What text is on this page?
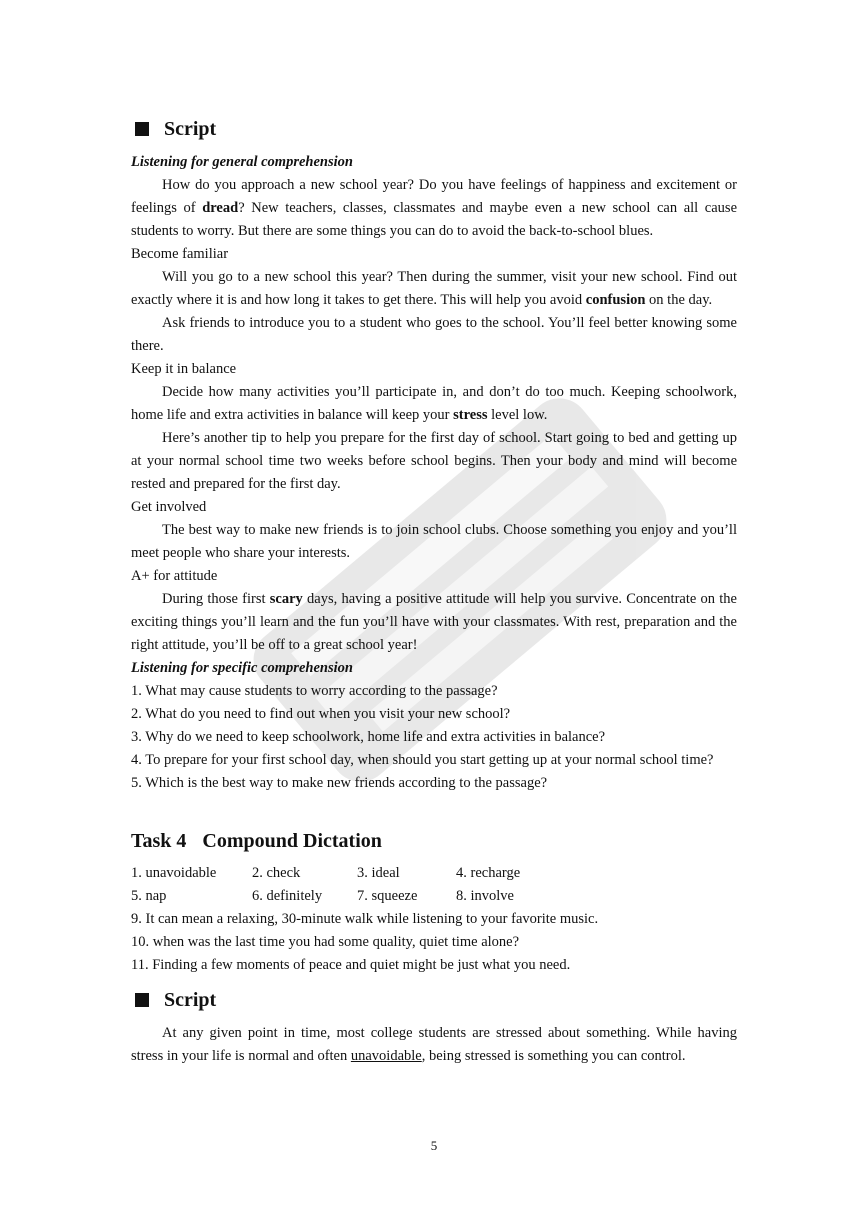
Script
Listening for general comprehension

How do you approach a new school year? Do you have feelings of happiness and excitement or feelings of dread? New teachers, classes, classmates and maybe even a new school can all cause students to worry. But there are some things you can do to avoid the back-to-school blues.

Become familiar

Will you go to a new school this year? Then during the summer, visit your new school. Find out exactly where it is and how long it takes to get there. This will help you avoid confusion on the day.

Ask friends to introduce you to a student who goes to the school. You’ll feel better knowing some there.

Keep it in balance

Decide how many activities you’ll participate in, and don’t do too much. Keeping schoolwork, home life and extra activities in balance will keep your stress level low.

Here’s another tip to help you prepare for the first day of school. Start going to bed and getting up at your normal school time two weeks before school begins. Then your body and mind will become rested and prepared for the first day.

Get involved

The best way to make new friends is to join school clubs. Choose something you enjoy and you’ll meet people who share your interests.

A+ for attitude

During those first scary days, having a positive attitude will help you survive. Concentrate on the exciting things you’ll learn and the fun you’ll have with your classmates. With rest, preparation and the right attitude, you’ll be off to a great school year!

Listening for specific comprehension
1. What may cause students to worry according to the passage?
2. What do you need to find out when you visit your new school?
3. Why do we need to keep schoolwork, home life and extra activities in balance?
4. To prepare for your first school day, when should you start getting up at your normal school time?
5. Which is the best way to make new friends according to the passage?
Task 4 Compound Dictation
1. unavoidable	2. check	3. ideal	4. recharge
5. nap	6. definitely	7. squeeze	8. involve
9. It can mean a relaxing, 30-minute walk while listening to your favorite music.
10. when was the last time you had some quality, quiet time alone?
11. Finding a few moments of peace and quiet might be just what you need.
Script

At any given point in time, most college students are stressed about something. While having stress in your life is normal and often unavoidable, being stressed is something you can control.

5
